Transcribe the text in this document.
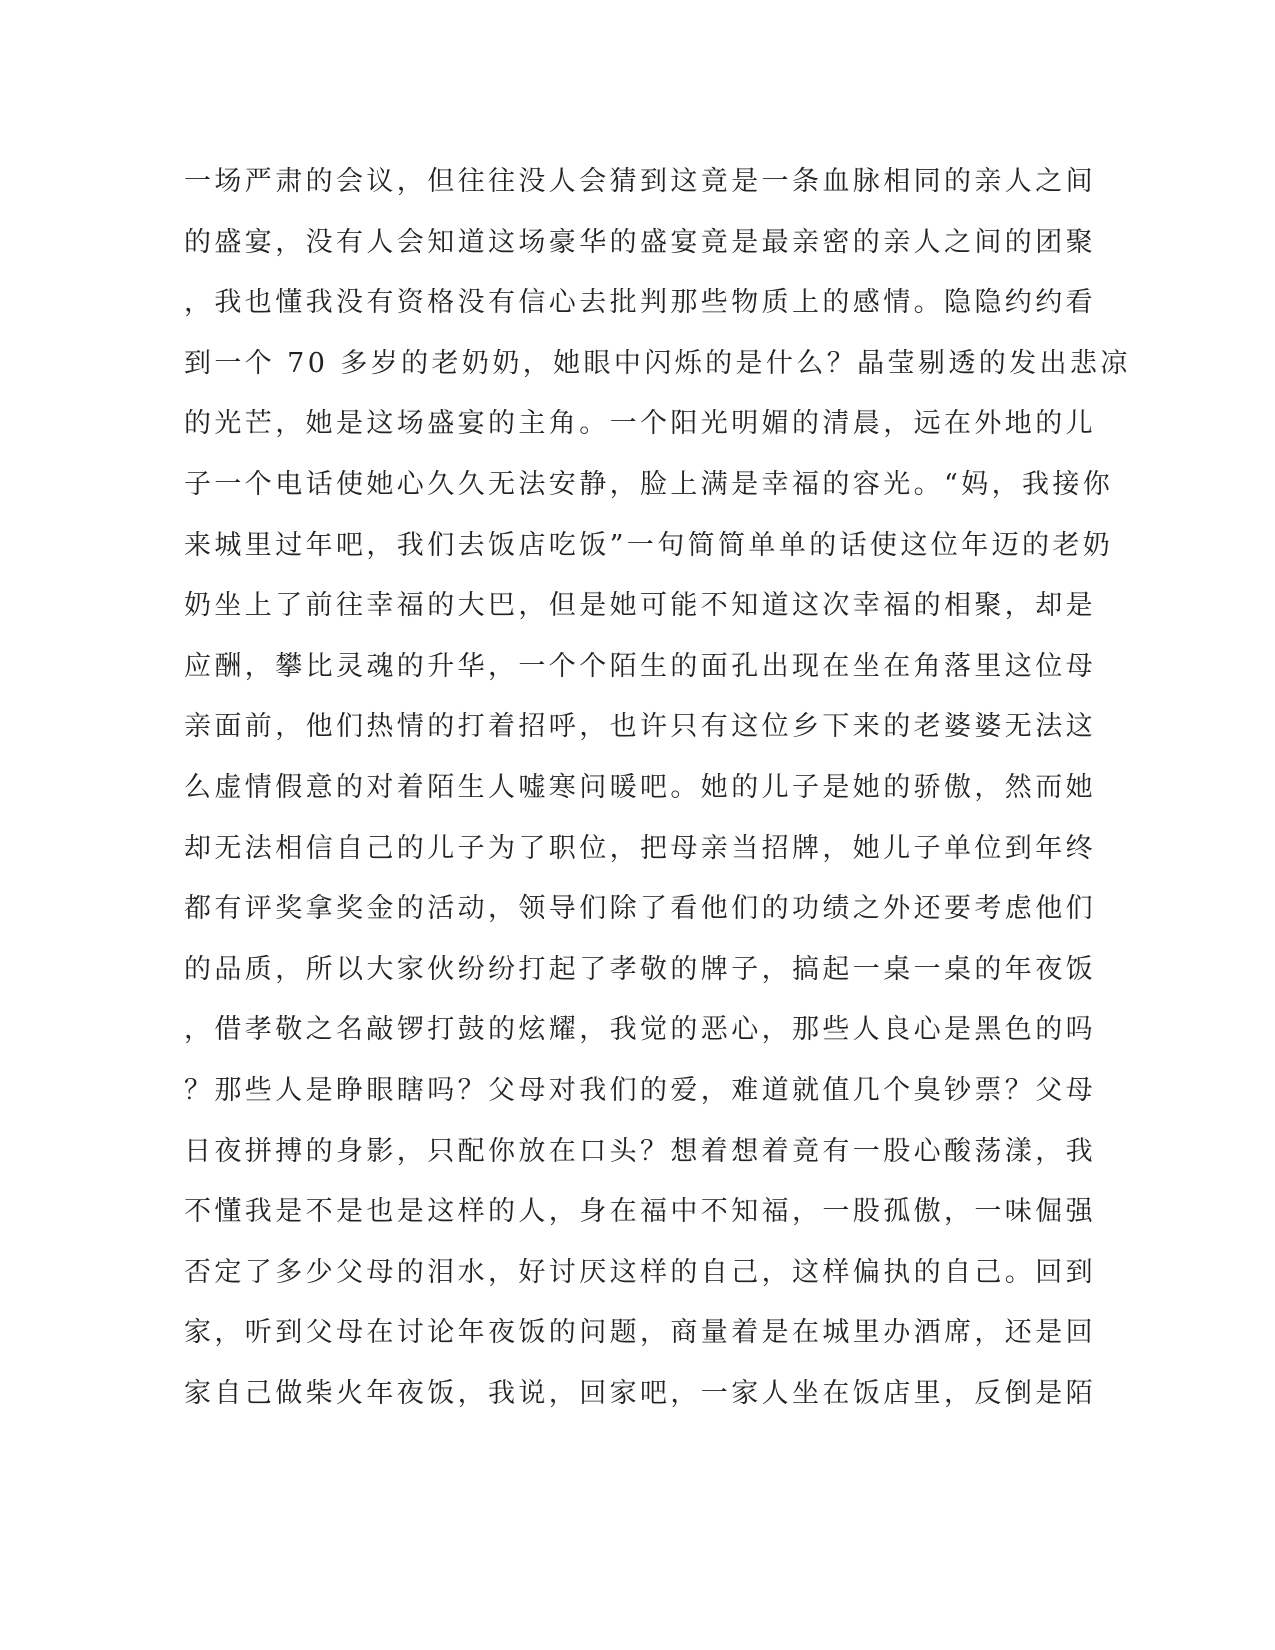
一场严肃的会议，但往往没人会猜到这竟是一条血脉相同的亲人之间
的盛宴，没有人会知道这场豪华的盛宴竟是最亲密的亲人之间的团聚
，我也懂我没有资格没有信心去批判那些物质上的感情。隐隐约约看
到一个 70 多岁的老奶奶，她眼中闪烁的是什么？晶莹剔透的发出悲凉
的光芒，她是这场盛宴的主角。一个阳光明媚的清晨，远在外地的儿
子一个电话使她心久久无法安静，脸上满是幸福的容光。“妈，我接你
来城里过年吧，我们去饭店吃饭”一句简简单单的话使这位年迈的老奶
奶坐上了前往幸福的大巴，但是她可能不知道这次幸福的相聚，却是
应酬，攀比灵魂的升华，一个个陌生的面孔出现在坐在角落里这位母
亲面前，他们热情的打着招呼，也许只有这位乡下来的老婆婆无法这
么虚情假意的对着陌生人嘘寒问暖吧。她的儿子是她的骄傲，然而她
却无法相信自己的儿子为了职位，把母亲当招牌，她儿子单位到年终
都有评奖拿奖金的活动，领导们除了看他们的功绩之外还要考虑他们
的品质，所以大家伙纷纷打起了孝敬的牌子，搞起一桌一桌的年夜饭
，借孝敬之名敲锣打鼓的炫耀，我觉的恶心，那些人良心是黑色的吗
？那些人是睁眼瞎吗？父母对我们的爱，难道就值几个臭钞票？父母
日夜拼搏的身影，只配你放在口头？想着想着竟有一股心酸荡漾，我
不懂我是不是也是这样的人，身在福中不知福，一股孤傲，一味倔强
否定了多少父母的泪水，好讨厌这样的自己，这样偏执的自己。回到
家，听到父母在讨论年夜饭的问题，商量着是在城里办酒席，还是回
家自己做柴火年夜饭，我说，回家吧，一家人坐在饭店里，反倒是陌
